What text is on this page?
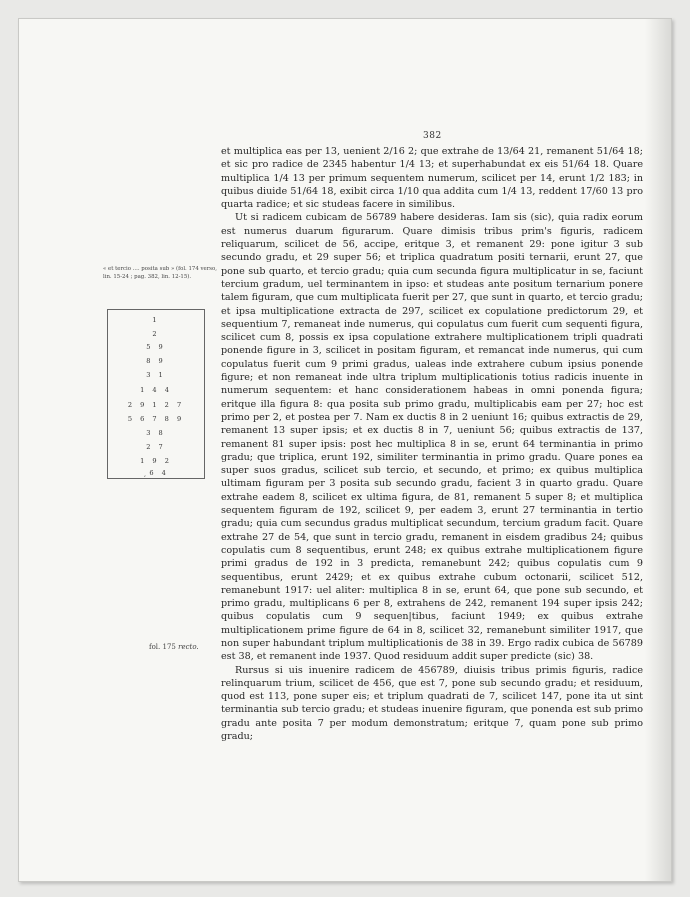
382
« et tercio .... posita sub » (fol. 174 verso, lin. 15-24 ; pag. 382, lin. 12-15).
1
2
5 9
8 9
3 1
1 4 4
2 9 1 2 7
5 6 7 8 9
3 8
2 7
1 9 2
¸6 4
fol. 175 recto.

et multiplica eas per 13, uenient 2/16 2; que extrahe de 13/64 21, remanent 51/64 18; et sic pro radice de 2345 habentur 1/4 13; et superhabundat ex eis 51/64 18. Quare multiplica 1/4 13 per primum sequentem numerum, scilicet per 14, erunt 1/2 183; in quibus diuide 51/64 18, exibit circa 1/10 qua addita cum 1/4 13, reddent 17/60 13 pro quarta radice; et sic studeas facere in similibus.

Ut si radicem cubicam de 56789 habere desideras. Iam sis (sic), quia radix eorum est numerus duarum figurarum. Quare dimisis tribus prim's figuris, radicem reliquarum, scilicet de 56, accipe, eritque 3, et remanent 29: pone igitur 3 sub secundo gradu, et 29 super 56; et triplica quadratum positi ternarii, erunt 27, que pone sub quarto, et tercio gradu; quia cum secunda figura multiplicatur in se, faciunt tercium gradum, uel terminantem in ipso: et studeas ante positum ternarium ponere talem figuram, que cum multiplicata fuerit per 27, que sunt in quarto, et tercio gradu; et ipsa multiplicatione extracta de 297, scilicet ex copulatione predictorum 29, et sequentium 7, remaneat inde numerus, qui copulatus cum fuerit cum sequenti figura, scilicet cum 8, possis ex ipsa copulatione extrahere multiplicationem tripli quadrati ponende figure in 3, scilicet in positam figuram, et remancat inde numerus, qui cum copulatus fuerit cum 9 primi gradus, ualeas inde extrahere cubum ipsius ponende figure; et non remaneat inde ultra triplum multiplicationis totius radicis inuente in numerum sequentem: et hanc considerationem habeas in omni ponenda figura; eritque illa figura 8: qua posita sub primo gradu, multiplicabis eam per 27; hoc est primo per 2, et postea per 7. Nam ex ductis 8 in 2 ueniunt 16; quibus extractis de 29, remanent 13 super ipsis; et ex ductis 8 in 7, ueniunt 56; quibus extractis de 137, remanent 81 super ipsis: post hec multiplica 8 in se, erunt 64 terminantia in primo gradu; que triplica, erunt 192, similiter terminantia in primo gradu. Quare pones ea super suos gradus, scilicet sub tercio, et secundo, et primo; ex quibus multiplica ultimam figuram per 3 posita sub secundo gradu, facient 3 in quarto gradu. Quare extrahe eadem 8, scilicet ex ultima figura, de 81, remanent 5 super 8; et multiplica sequentem figuram de 192, scilicet 9, per eadem 3, erunt 27 terminantia in tertio gradu; quia cum secundus gradus multiplicat secundum, tercium gradum facit. Quare extrahe 27 de 54, que sunt in tercio gradu, remanent in eisdem gradibus 24; quibus copulatis cum 8 sequentibus, erunt 248; ex quibus extrahe multiplicationem figure primi gradus de 192 in 3 predicta, remanebunt 242; quibus copulatis cum 9 sequentibus, erunt 2429; et ex quibus extrahe cubum octonarii, scilicet 512, remanebunt 1917: uel aliter: multiplica 8 in se, erunt 64, que pone sub secundo, et primo gradu, multiplicans 6 per 8, extrahens de 242, remanent 194 super ipsis 242; quibus copulatis cum 9 sequen|tibus, faciunt 1949; ex quibus extrahe multiplicationem prime figure de 64 in 8, scilicet 32, remanebunt similiter 1917, que non super habundant triplum multiplicationis de 38 in 39. Ergo radix cubica de 56789 est 38, et remanent inde 1937. Quod residuum addit super predicte (sic) 38.

Rursus si uis inuenire radicem de 456789, diuisis tribus primis figuris, radice relinquarum trium, scilicet de 456, que est 7, pone sub secundo gradu; et residuum, quod est 113, pone super eis; et triplum quadrati de 7, scilicet 147, pone ita ut sint terminantia sub tercio gradu; et studeas inuenire figuram, que ponenda est sub primo gradu ante posita 7 per modum demonstratum; eritque 7, quam pone sub primo gradu;
